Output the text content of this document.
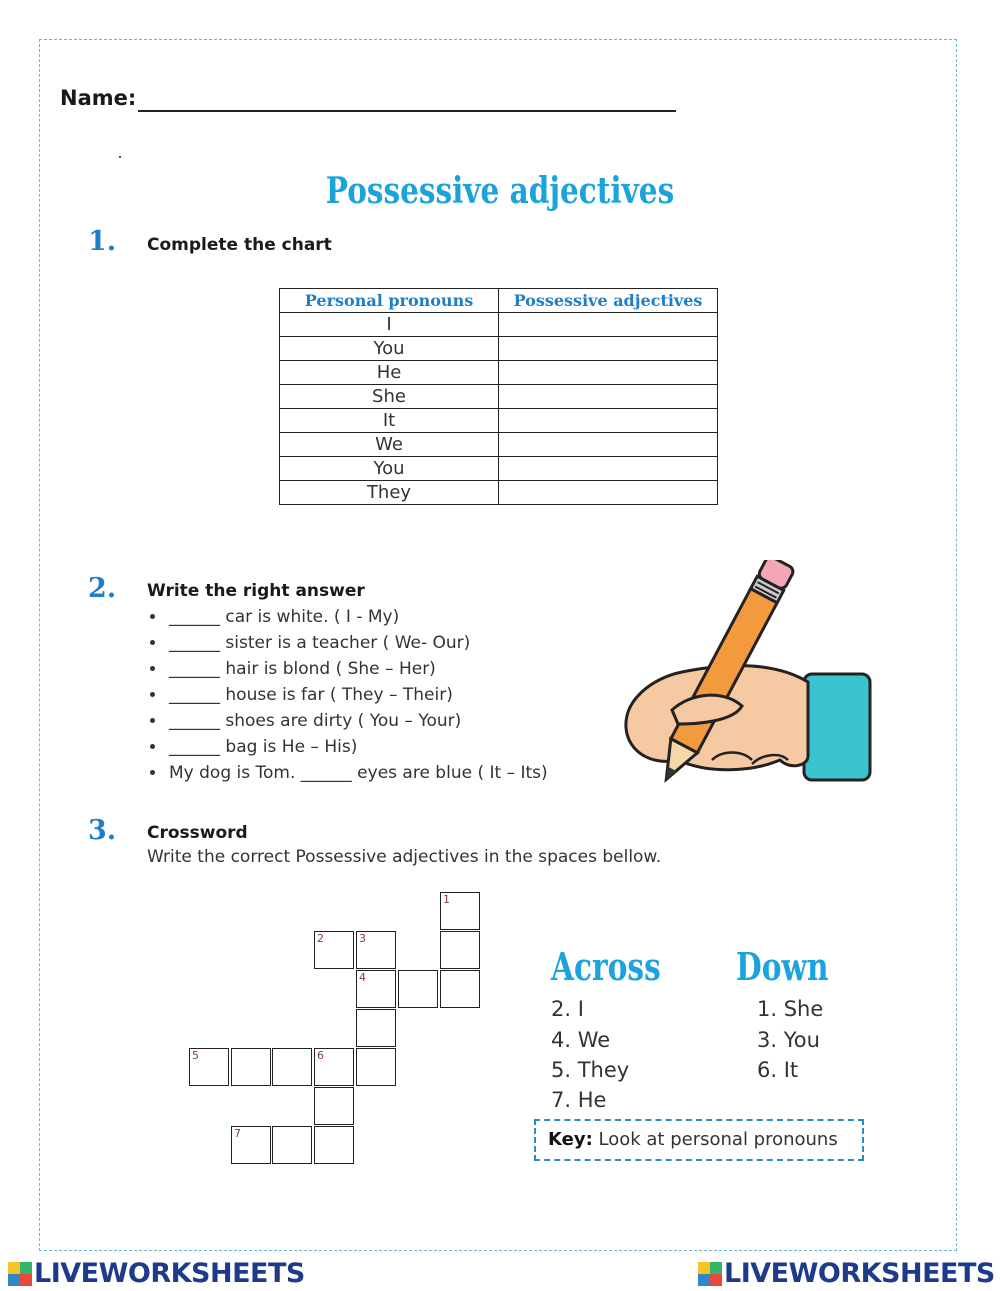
Name:
Possessive adjectives
1. Complete the chart
Personal pronouns	Possessive adjectives
I	
You	
He	
She	
It	
We	
You	
They	
2. Write the right answer
• ______ car is white. ( I - My)
• ______ sister is a teacher ( We- Our)
• ______ hair is blond ( She – Her)
• ______ house is far ( They – Their)
• ______ shoes are dirty ( You – Your)
• ______ bag is He – His)
• My dog is Tom. ______ eyes are blue ( It – Its)
3. Crossword
Write the correct Possessive adjectives in the spaces bellow.
1
2	3
4
5	6
7
Across Down
2. I
4. We
5. They
7. He
1. She
3. You
6. It
Key: Look at personal pronouns
LIVEWORKSHEETS	LIVEWORKSHEETS
